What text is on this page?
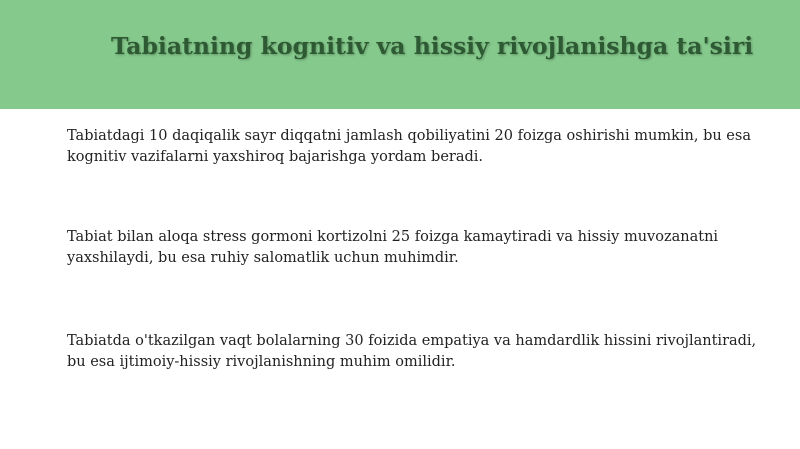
Tabiatning kognitiv va hissiy rivojlanishga ta'siri

Tabiatdagi 10 daqiqalik sayr diqqatni jamlash qobiliyatini 20 foizga oshirishi mumkin, bu esa kognitiv vazifalarni yaxshiroq bajarishga yordam beradi.

Tabiat bilan aloqa stress gormoni kortizolni 25 foizga kamaytiradi va hissiy muvozanatni yaxshilaydi, bu esa ruhiy salomatlik uchun muhimdir.

Tabiatda o'tkazilgan vaqt bolalarning 30 foizida empatiya va hamdardlik hissini rivojlantiradi, bu esa ijtimoiy-hissiy rivojlanishning muhim omilidir.
